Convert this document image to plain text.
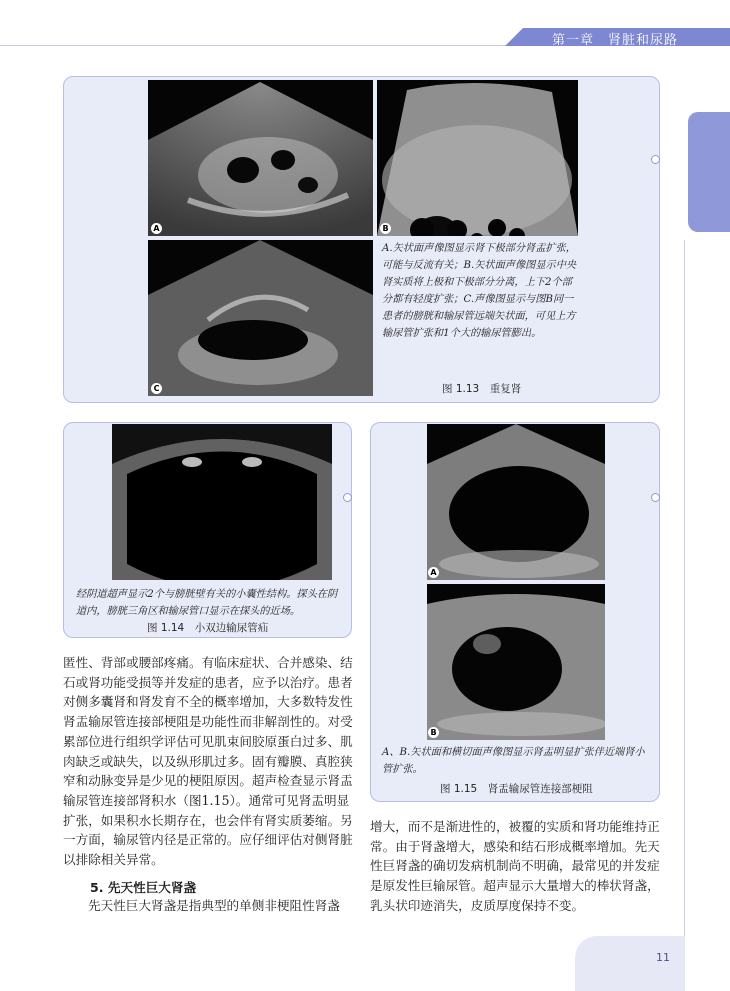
第一章　肾脏和尿路
A	B
C
A.矢状面声像图显示肾下极部分肾盂扩张，可能与反流有关；B.矢状面声像图显示中央肾实质将上极和下极部分分离，上下2个部分都有轻度扩张；C.声像图显示与图B同一患者的膀胱和输尿管远端矢状面，可见上方输尿管扩张和1个大的输尿管膨出。
图 1.13　重复肾
经阴道超声显示2个与膀胱壁有关的小囊性结构。探头在阴道内，膀胱三角区和输尿管口显示在探头的近场。
图 1.14　小双边输尿管疝
A
B
A、B.矢状面和横切面声像图显示肾盂明显扩张伴近端肾小管扩张。
图 1.15　肾盂输尿管连接部梗阻

匿性、背部或腰部疼痛。有临床症状、合并感染、结石或肾功能受损等并发症的患者，应予以治疗。患者对侧多囊肾和肾发育不全的概率增加，大多数特发性肾盂输尿管连接部梗阻是功能性而非解剖性的。对受累部位进行组织学评估可见肌束间胶原蛋白过多、肌肉缺乏或缺失，以及纵形肌过多。固有瓣膜、真腔狭窄和动脉变异是少见的梗阻原因。超声检查显示肾盂输尿管连接部肾积水（图1.15）。通常可见肾盂明显扩张，如果积水长期存在，也会伴有肾实质萎缩。另一方面，输尿管内径是正常的。应仔细评估对侧肾脏以排除相关异常。

5. 先天性巨大肾盏

先天性巨大肾盏是指典型的单侧非梗阻性肾盏

增大，而不是渐进性的，被覆的实质和肾功能维持正常。由于肾盏增大，感染和结石形成概率增加。先天性巨肾盏的确切发病机制尚不明确，最常见的并发症是原发性巨输尿管。超声显示大量增大的棒状肾盏，乳头状印迹消失，皮质厚度保持不变。

11
